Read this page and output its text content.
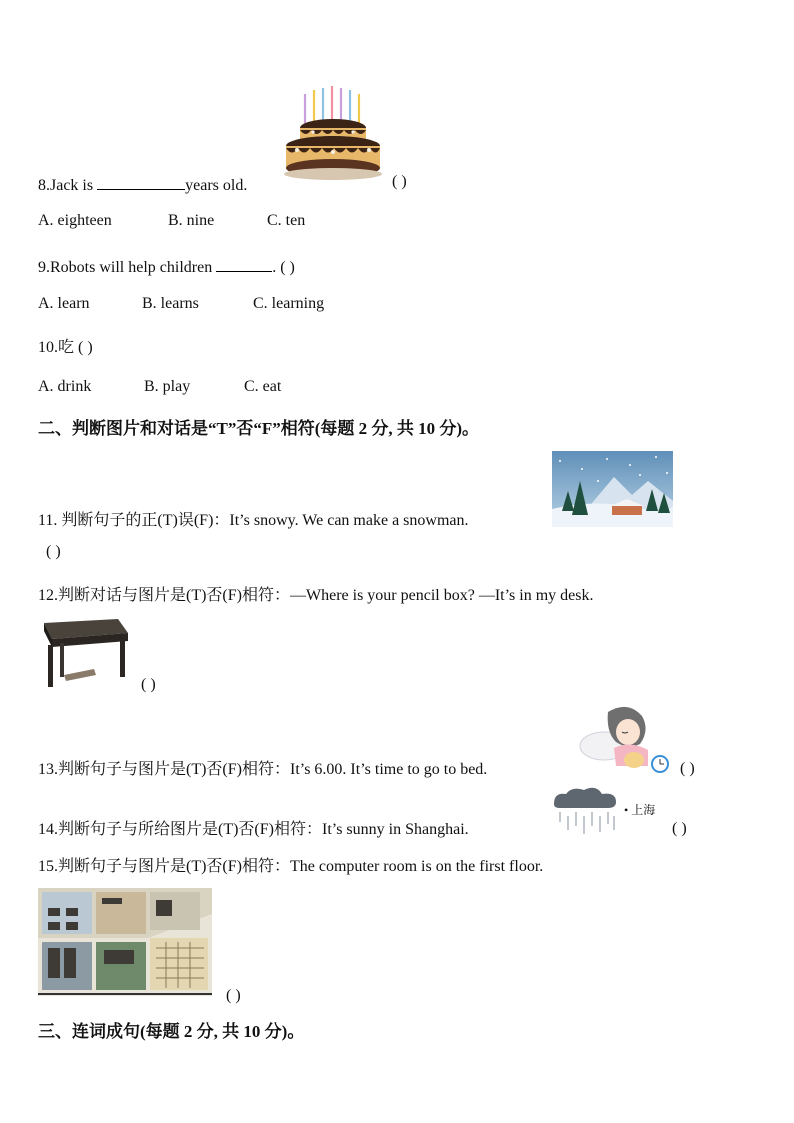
8.Jack is	years old.	( )
A. eighteen	B. nine	C. ten
9.Robots will help children	. ( )
A. learn	B. learns	C. learning
10.吃 ( )
A. drink	B. play	C. eat
二、判断图片和对话是“T”否“F”相符(每题 2 分, 共 10 分)。
11. 判断句子的正(T)误(F)：It’s snowy. We can make a snowman.
( )
12.判断对话与图片是(T)否(F)相符：—Where is your pencil box? —It’s in my desk.
( )
13.判断句子与图片是(T)否(F)相符：It’s 6.00. It’s time to go to bed.	( )
• 上海
14.判断句子与所给图片是(T)否(F)相符：It’s sunny in Shanghai.	( )
15.判断句子与图片是(T)否(F)相符：The computer room is on the first floor.
( )
三、连词成句(每题 2 分, 共 10 分)。
